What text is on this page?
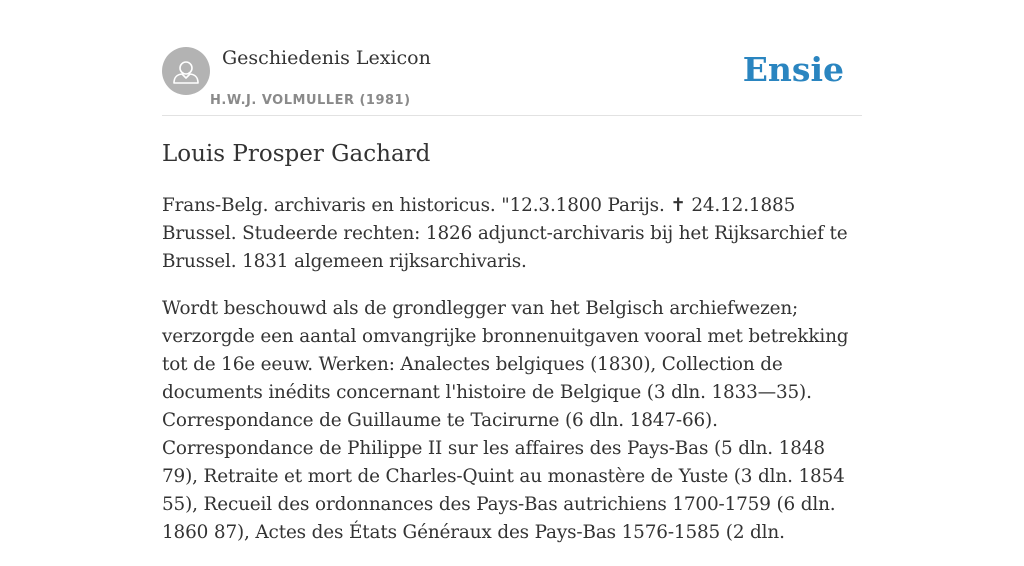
Geschiedenis Lexicon
H.W.J. VOLMULLER (1981)
Ensie
Louis Prosper Gachard

Frans-Belg. archivaris en historicus. "12.3.1800 Parijs. ✝ 24.12.1885 Brussel. Studeerde rechten: 1826 adjunct-archivaris bij het Rijksarchief te Brussel. 1831 algemeen rijksarchivaris.

Wordt beschouwd als de grondlegger van het Belgisch archiefwezen; verzorgde een aantal omvangrijke bronnenuitgaven vooral met betrekking tot de 16e eeuw. Werken: Analectes belgiques (1830), Collection de documents inédits concernant l'histoire de Belgique (3 dln. 1833—35). Correspondance de Guillaume te Tacirurne (6 dln. 1847-66). Correspondance de Philippe II sur les affaires des Pays-Bas (5 dln. 1848 79), Retraite et mort de Charles-Quint au monastère de Yuste (3 dln. 1854 55), Recueil des ordonnances des Pays-Bas autrichiens 1700-1759 (6 dln. 1860 87), Actes des États Généraux des Pays-Bas 1576-1585 (2 dln.
